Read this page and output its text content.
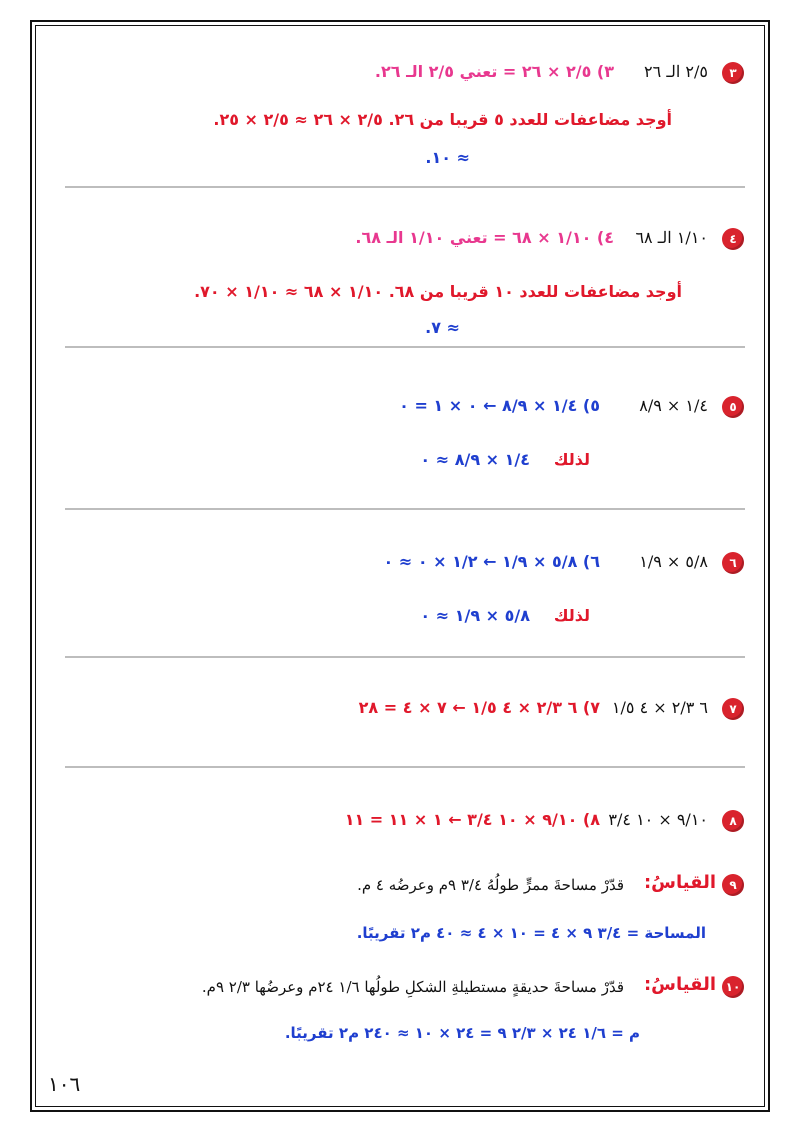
٣
٢/٥ الـ ٢٦
٣) ٢/٥ × ٢٦ = تعني ٢/٥ الـ ٢٦.
أوجد مضاعفات للعدد ٥ قريبا من ٢٦. ٢/٥ × ٢٦ ≈ ٢/٥ × ٢٥.
≈ ١٠.
٤
١/١٠ الـ ٦٨
٤) ١/١٠ × ٦٨ = تعني ١/١٠ الـ ٦٨.
أوجد مضاعفات للعدد ١٠ قريبا من ٦٨. ١/١٠ × ٦٨ ≈ ١/١٠ × ٧٠.
≈ ٧.
٥
١/٤ × ٨/٩
٥) ١/٤ × ٨/٩ ← ٠ × ١ = ٠
لذلك
١/٤ × ٨/٩ ≈ ٠
٦
٥/٨ × ١/٩
٦) ٥/٨ × ١/٩ ← ١/٢ × ٠ ≈ ٠
لذلك
٥/٨ × ١/٩ ≈ ٠
٧
٦ ٢/٣ × ٤ ١/٥
٧) ٦ ٢/٣ × ٤ ١/٥ ← ٧ × ٤ = ٢٨
٨
٩/١٠ × ١٠ ٣/٤
٨) ٩/١٠ × ١٠ ٣/٤ ← ١ × ١١ = ١١
٩
القياسُ:
قدّرْ مساحةَ ممرٍّ طولُهُ ٣/٤ ٩م وعرضُه ٤ م.
المساحة = ٣/٤ ٩ × ٤ = ١٠ × ٤ ≈ ٤٠ م٢ تقريبًا.
١٠
القياسُ:
قدّرْ مساحةَ حديقةٍ مستطيلةِ الشكلِ طولُها ١/٦ ٢٤م وعرضُها ٢/٣ ٩م.
م = ١/٦ ٢٤ × ٢/٣ ٩ = ٢٤ × ١٠ ≈ ٢٤٠ م٢ تقريبًا.
١٠٦
